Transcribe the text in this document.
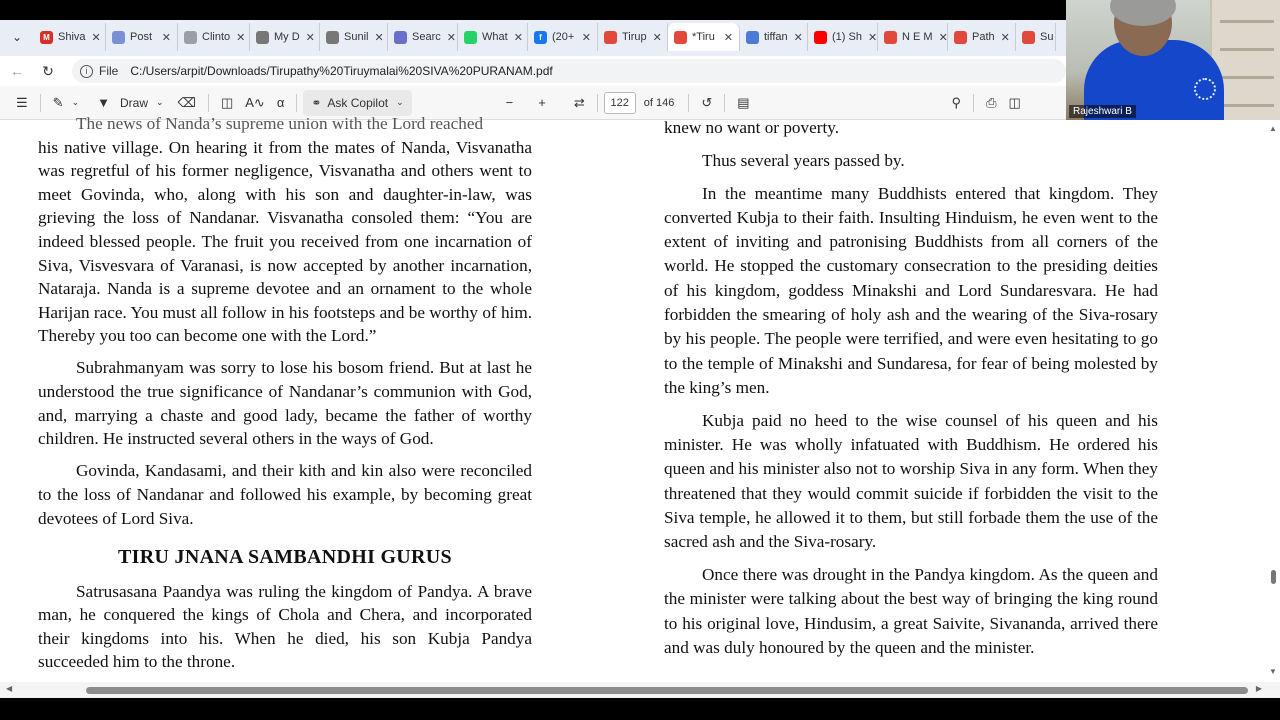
⌄	M Shiva ✕	Post ✕	Clinto ✕	My D ✕	Sunil ✕	Searc ✕ What ✕	f (20+ ✕	Tirup ✕	*Tiru ✕	tiffan ✕	(1) Sh ✕ N E M ✕ Path ✕	Su
←	↻	i File C:/Users/arpit/Downloads/Tirupathy%20Tiruymalai%20SIVA%20PURANAM.pdf
☰	✎ ⌄ ▼ Draw ⌄	⌫	◫ A∿ α	⚭ Ask Copilot ⌄	−	+	⇄	122	of 146	↺	▤	⚲	⎙ ◫
Rajeshwari B

The news of Nanda’s supreme union with the Lord reached

his native village. On hearing it from the mates of Nanda, Visvanatha was regretful of his former negligence, Visvanatha and others went to meet Govinda, who, along with his son and daughter-in-law, was grieving the loss of Nandanar. Visvanatha consoled them: “You are indeed blessed people. The fruit you received from one incarnation of Siva, Visvesvara of Varanasi, is now accepted by another incarnation, Nataraja. Nanda is a supreme devotee and an ornament to the whole Harijan race. You must all follow in his footsteps and be worthy of him. Thereby you too can become one with the Lord.”

Subrahmanyam was sorry to lose his bosom friend. But at last he understood the true significance of Nandanar’s communion with God, and, marrying a chaste and good lady, became the father of worthy children. He instructed several others in the ways of God.

Govinda, Kandasami, and their kith and kin also were reconciled to the loss of Nandanar and followed his example, by becoming great devotees of Lord Siva.

TIRU JNANA SAMBANDHI GURUS

Satrusasana Paandya was ruling the kingdom of Pandya. A brave man, he conquered the kings of Chola and Chera, and incorporated their kingdoms into his. When he died, his son Kubja Pandya succeeded him to the throne.

knew no want or poverty.

Thus several years passed by.

In the meantime many Buddhists entered that kingdom. They converted Kubja to their faith. Insulting Hinduism, he even went to the extent of inviting and patronising Buddhists from all corners of the world. He stopped the customary consecration to the presiding deities of his kingdom, goddess Minakshi and Lord Sundaresvara. He had forbidden the smearing of holy ash and the wearing of the Siva-rosary by his people. The people were terrified, and were even hesitating to go to the temple of Minakshi and Sundaresa, for fear of being molested by the king’s men.

Kubja paid no heed to the wise counsel of his queen and his minister. He was wholly infatuated with Buddhism. He ordered his queen and his minister also not to worship Siva in any form. When they threatened that they would commit suicide if forbidden the visit to the Siva temple, he allowed it to them, but still forbade them the use of the sacred ash and the Siva-rosary.

Once there was drought in the Pandya kingdom. As the queen and the minister were talking about the best way of bringing the king round to his original love, Hindusim, a great Saivite, Sivananda, arrived there and was duly honoured by the queen and the minister.

▲
▼
◀	▶
